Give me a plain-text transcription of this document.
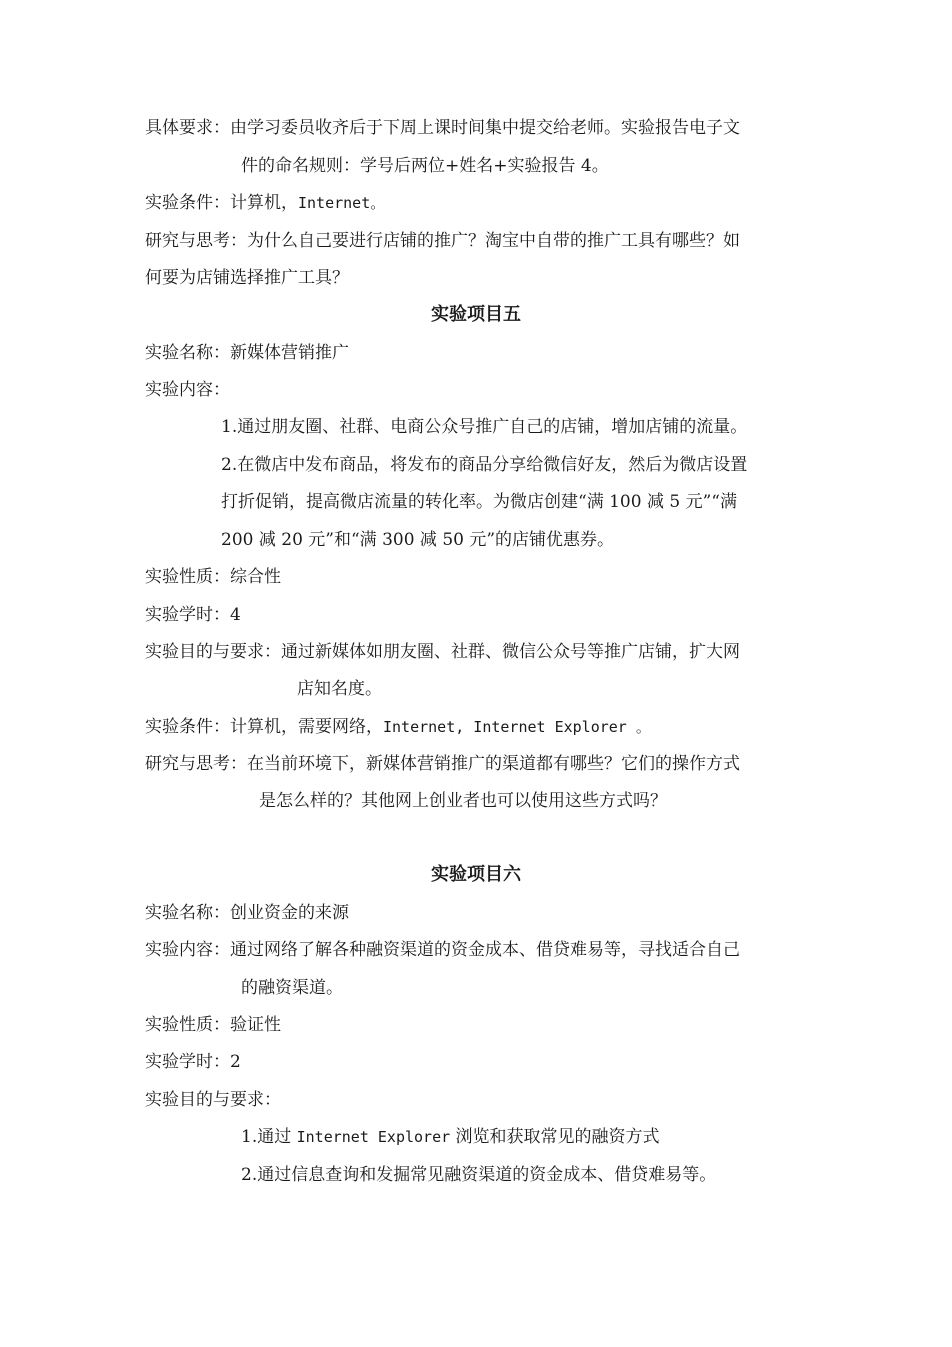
具体要求：由学习委员收齐后于下周上课时间集中提交给老师。实验报告电子文
件的命名规则：学号后两位+姓名+实验报告 4。
实验条件：计算机，Internet。
研究与思考：为什么自己要进行店铺的推广？淘宝中自带的推广工具有哪些？如
何要为店铺选择推广工具？
实验项目五
实验名称：新媒体营销推广
实验内容：
1.通过朋友圈、社群、电商公众号推广自己的店铺，增加店铺的流量。
2.在微店中发布商品，将发布的商品分享给微信好友，然后为微店设置
打折促销，提高微店流量的转化率。为微店创建“满 100 减 5 元”“满
200 减 20 元”和“满 300 减 50 元”的店铺优惠券。
实验性质：综合性
实验学时：4
实验目的与要求：通过新媒体如朋友圈、社群、微信公众号等推广店铺，扩大网
店知名度。
实验条件：计算机，需要网络，Internet, Internet Explorer 。
研究与思考：在当前环境下，新媒体营销推广的渠道都有哪些？它们的操作方式
是怎么样的？其他网上创业者也可以使用这些方式吗？
实验项目六
实验名称：创业资金的来源
实验内容：通过网络了解各种融资渠道的资金成本、借贷难易等，寻找适合自己
的融资渠道。
实验性质：验证性
实验学时：2
实验目的与要求：
1.通过 Internet Explorer 浏览和获取常见的融资方式
2.通过信息查询和发掘常见融资渠道的资金成本、借贷难易等。
